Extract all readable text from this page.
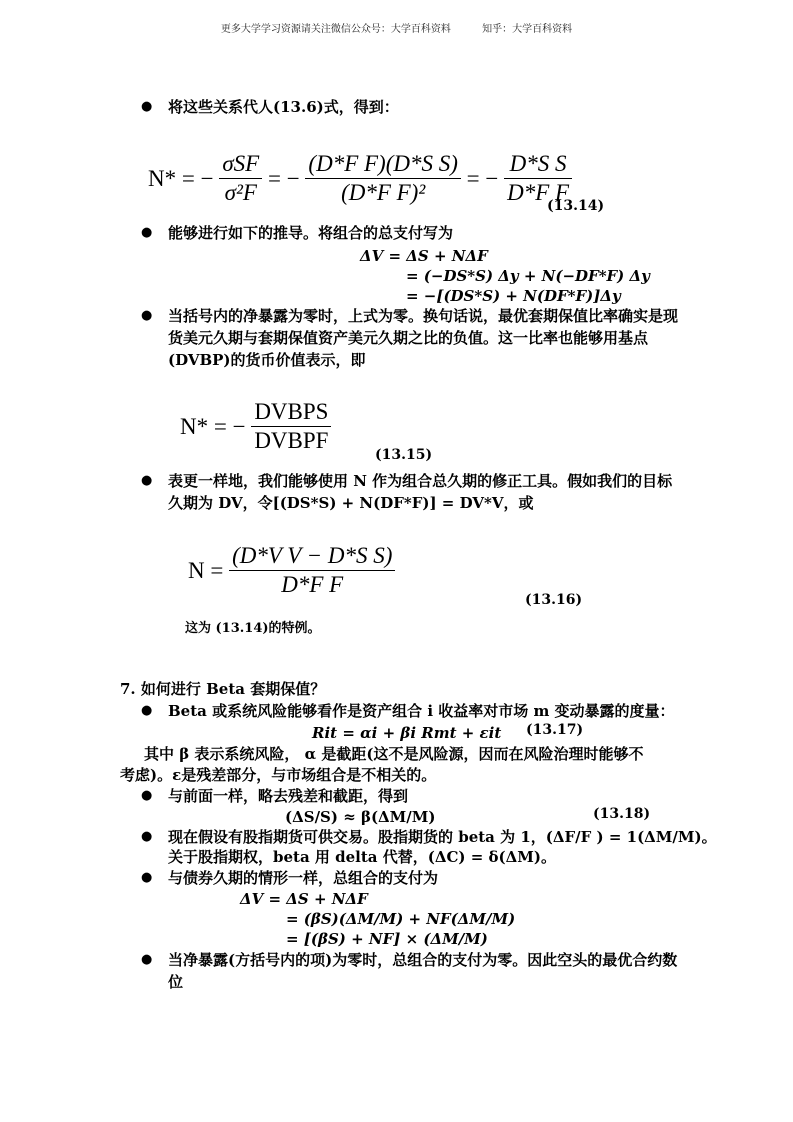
更多大学学习资源请关注微信公众号：大学百科资料	知乎：大学百科资料
● 将这些关系代人(13.6)式，得到：
N* = − $\frac{\text{σSF}}{\text{σ²F}}$ = − $\frac{\text{(D*F F)(D*S S)}}{\text{(D*F F)²}}$ = − $\frac{\text{D*S S}}{\text{D*F F}}$
(13.14)
● 能够进行如下的推导。将组合的总支付写为
ΔV = ΔS + NΔF
= (−DS*S) Δy + N(−DF*F) Δy
= −[(DS*S) + N(DF*F)]Δy
● 当括号内的净暴露为零时，上式为零。换句话说，最优套期保值比率确实是现货美元久期与套期保值资产美元久期之比的负值。这一比率也能够用基点(DVBP)的货币价值表示，即
N* = − $\frac{\text{DVBPS}}{\text{DVBPF}}$	(13.15)
● 表更一样地，我们能够使用 N 作为组合总久期的修正工具。假如我们的目标久期为 DV，令[(DS*S) + N(DF*F)] = DV*V，或
$N = \frac{\text{(D*V V − D*S S)}}{\text{D*F F}}$
(13.16)
这为 (13.14)的特例。
7. 如何进行 Beta 套期保值？
● Beta 或系统风险能够看作是资产组合 i 收益率对市场 m 变动暴露的度量：
Rit = αi + βi Rmt + εit (13.17)
其中 β 表示系统风险， α 是截距(这不是风险源，因而在风险治理时能够不
考虑)。ε是残差部分，与市场组合是不相关的。
● 与前面一样，略去残差和截距，得到
(ΔS/S) ≈ β(ΔM/M)	(13.18)
● 现在假设有股指期货可供交易。股指期货的 beta 为 1，(ΔF/F ) = 1(ΔM/M)。
关于股指期权，beta 用 delta 代替，(ΔC) = δ(ΔM)。
● 与债券久期的情形一样，总组合的支付为
ΔV = ΔS + NΔF
= (βS)(ΔM/M) + NF(ΔM/M)
= [(βS) + NF] × (ΔM/M)
● 当净暴露(方括号内的项)为零时，总组合的支付为零。因此空头的最优合约数位
